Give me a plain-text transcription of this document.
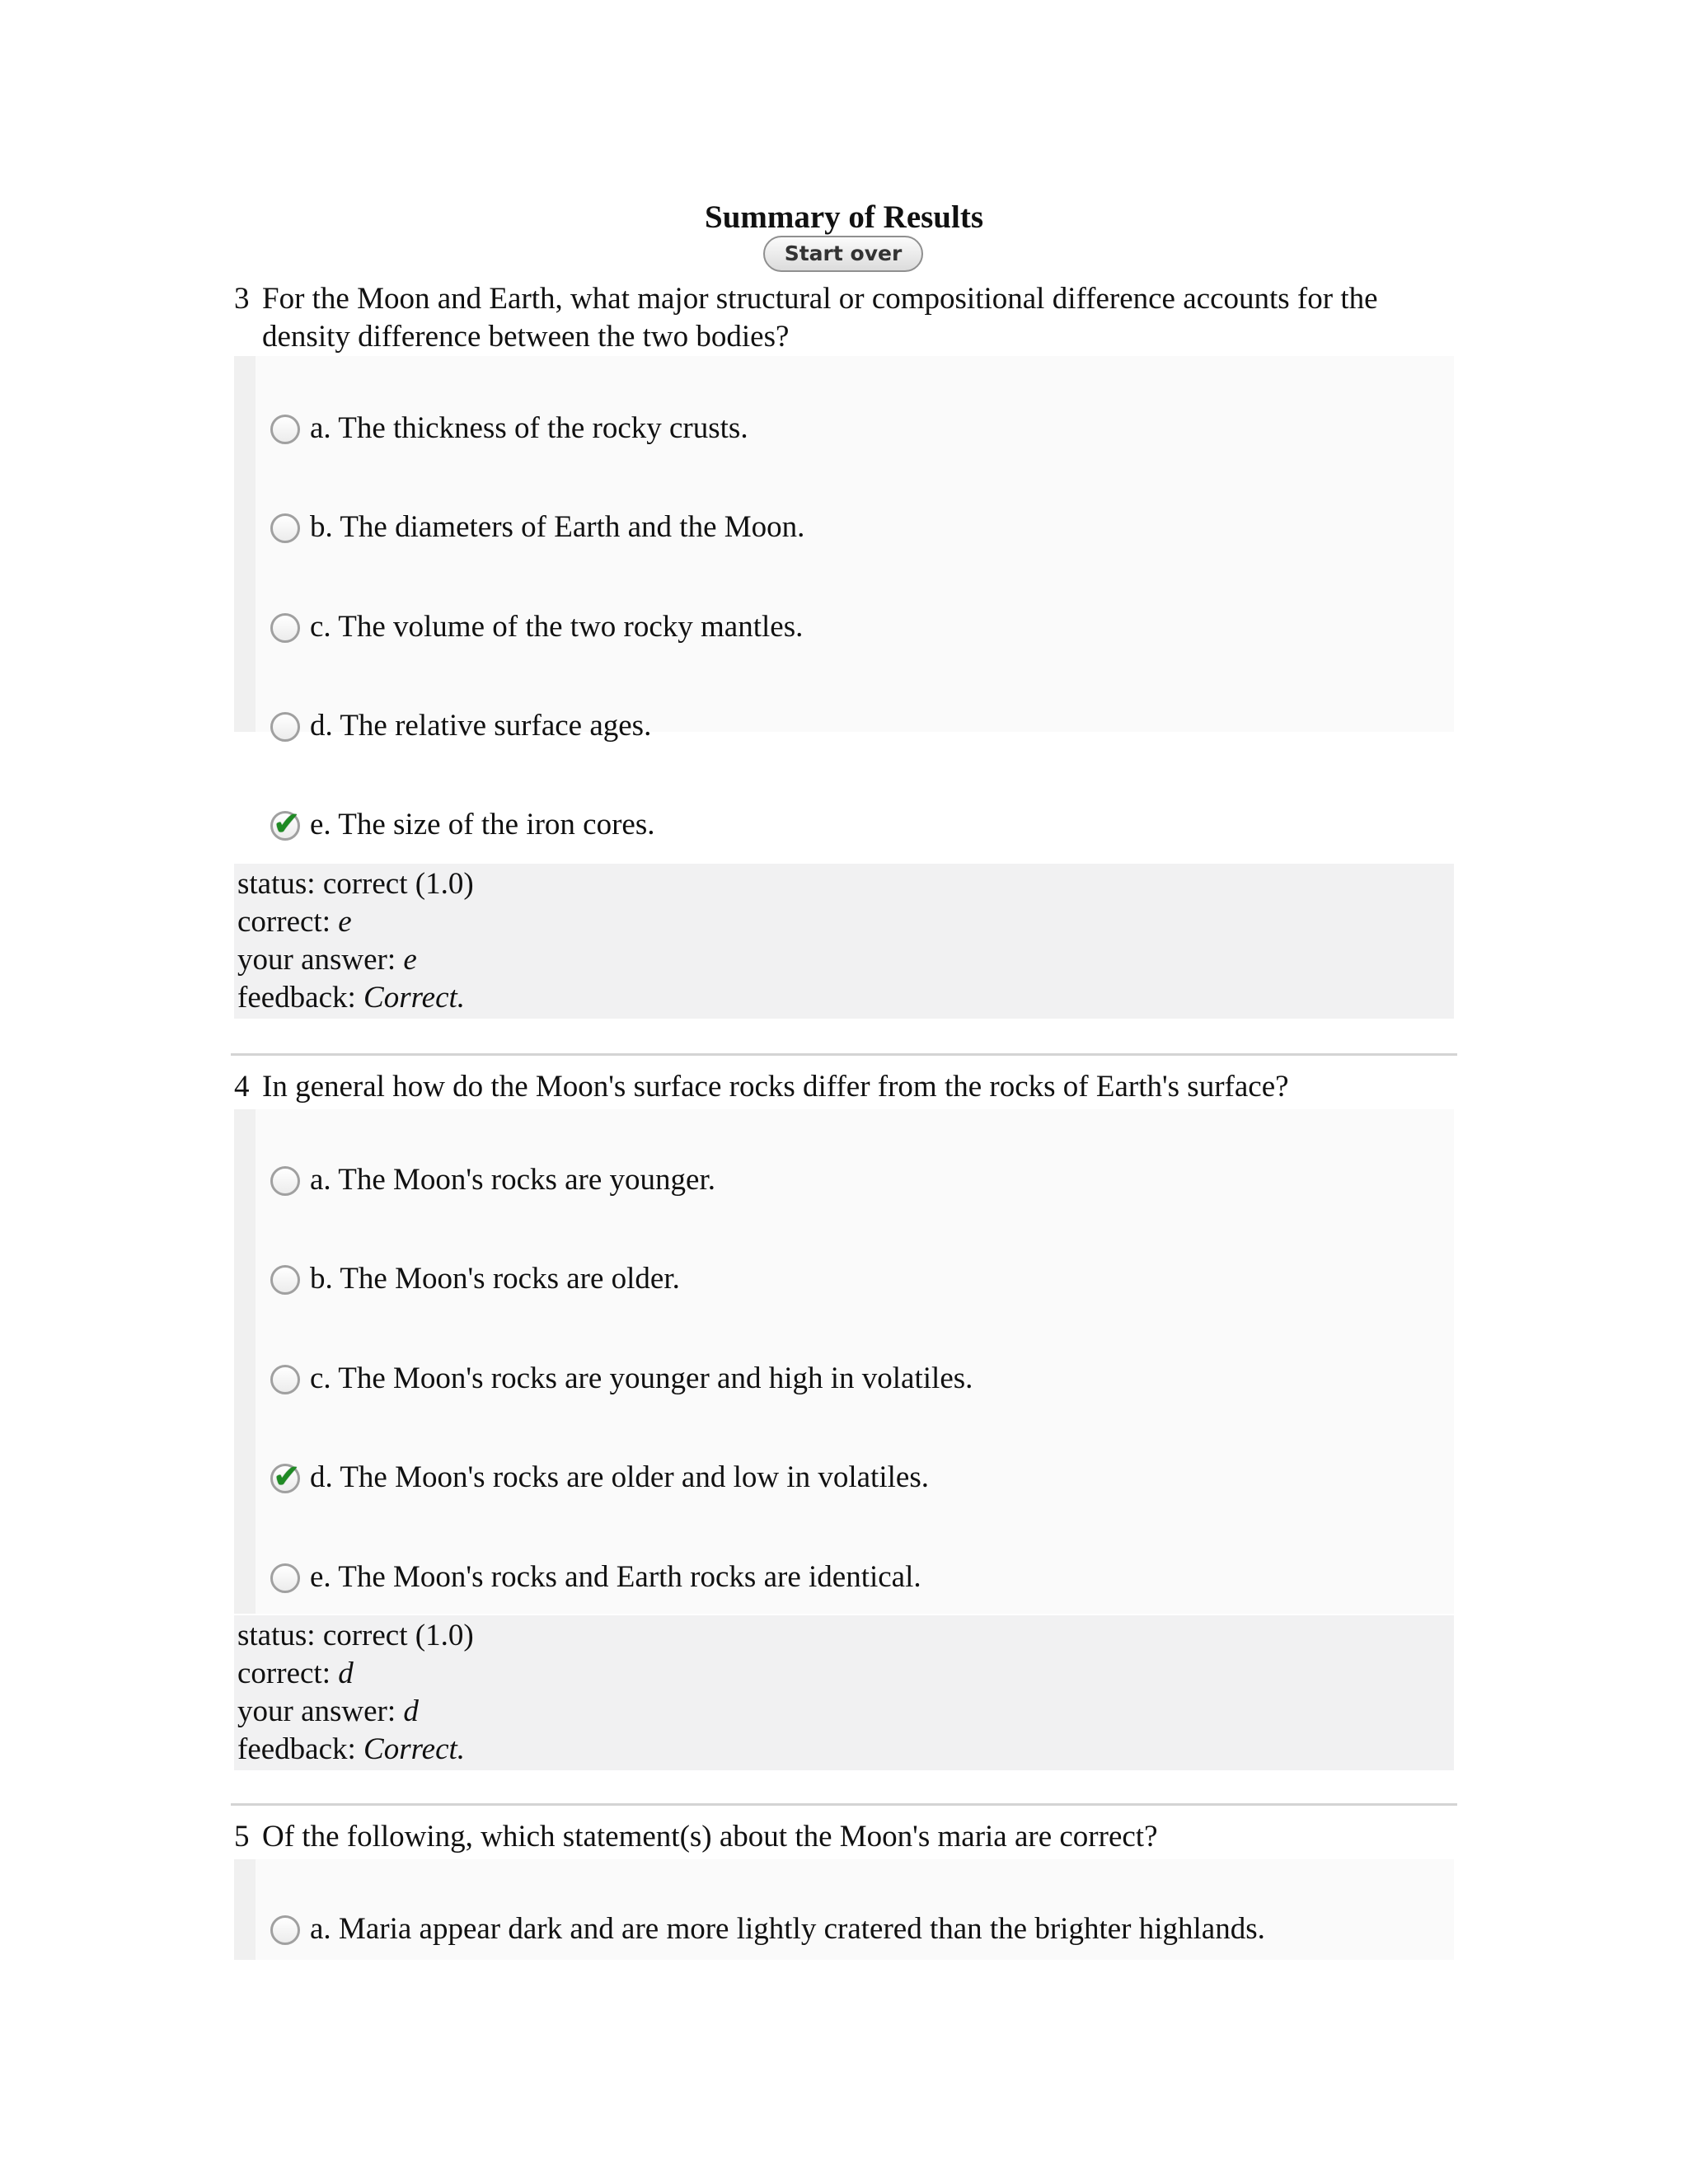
Summary of Results
Start over
3 For the Moon and Earth, what major structural or compositional difference accounts for the density difference between the two bodies?
a. The thickness of the rocky crusts.
b. The diameters of Earth and the Moon.
c. The volume of the two rocky mantles.
d. The relative surface ages.
✔
e. The size of the iron cores.
status: correct (1.0)
correct: e
your answer: e
feedback: Correct.
4 In general how do the Moon's surface rocks differ from the rocks of Earth's surface?
a. The Moon's rocks are younger.
b. The Moon's rocks are older.
c. The Moon's rocks are younger and high in volatiles.
✔
d. The Moon's rocks are older and low in volatiles.
e. The Moon's rocks and Earth rocks are identical.
status: correct (1.0)
correct: d
your answer: d
feedback: Correct.
5 Of the following, which statement(s) about the Moon's maria are correct?
a. Maria appear dark and are more lightly cratered than the brighter highlands.
